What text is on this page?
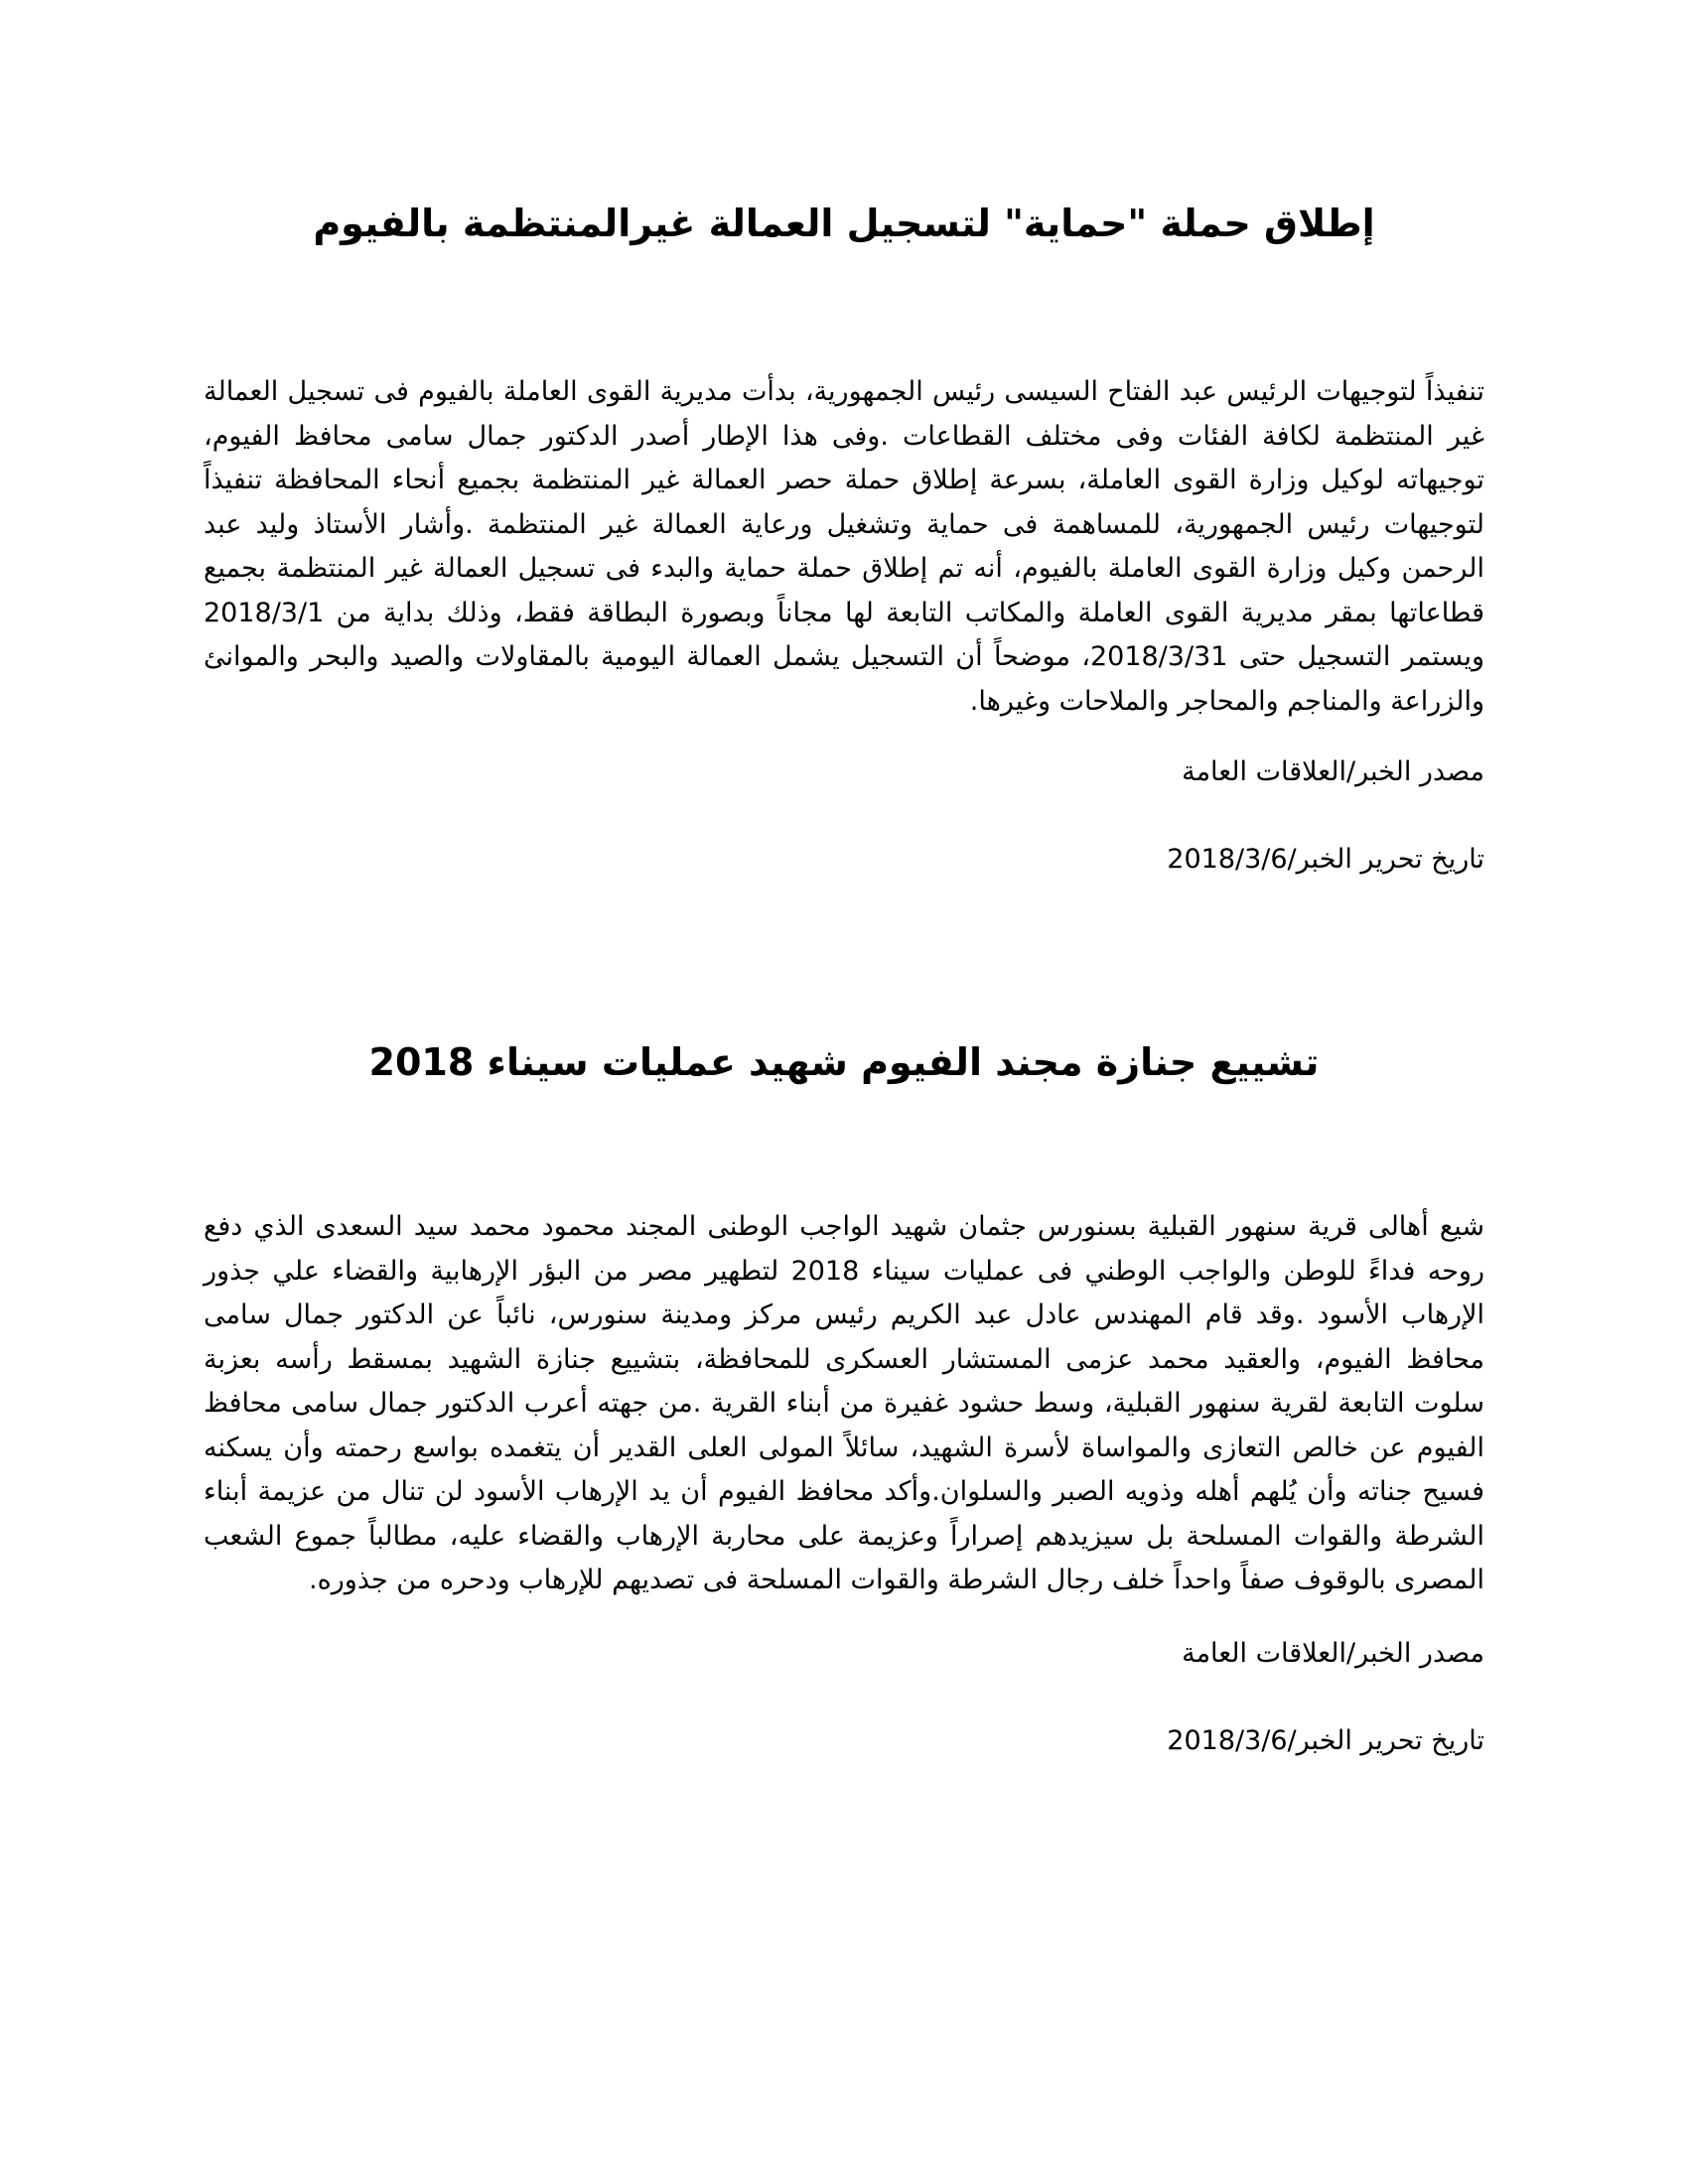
إطلاق حملة "حماية" لتسجيل العمالة غيرالمنتظمة بالفيوم

تنفيذاً لتوجيهات الرئيس عبد الفتاح السيسى رئيس الجمهورية، بدأت مديرية القوى العاملة بالفيوم فى تسجيل العمالة غير المنتظمة لكافة الفئات وفى مختلف القطاعات .وفى هذا الإطار أصدر الدكتور جمال سامى محافظ الفيوم، توجيهاته لوكيل وزارة القوى العاملة، بسرعة إطلاق حملة حصر العمالة غير المنتظمة بجميع أنحاء المحافظة تنفيذاً لتوجيهات رئيس الجمهورية، للمساهمة فى حماية وتشغيل ورعاية العمالة غير المنتظمة .وأشار الأستاذ وليد عبد الرحمن وكيل وزارة القوى العاملة بالفيوم، أنه تم إطلاق حملة حماية والبدء فى تسجيل العمالة غير المنتظمة بجميع قطاعاتها بمقر مديرية القوى العاملة والمكاتب التابعة لها مجاناً وبصورة البطاقة فقط، وذلك بداية من 2018/3/1 ويستمر التسجيل حتى 2018/3/31، موضحاً أن التسجيل يشمل العمالة اليومية بالمقاولات والصيد والبحر والموانئ والزراعة والمناجم والمحاجر والملاحات وغيرها.

مصدر الخبر/العلاقات العامة

تاريخ تحرير الخبر/2018/3/6

تشييع جنازة مجند الفيوم شهيد عمليات سيناء 2018

شيع أهالى قرية سنهور القبلية بسنورس جثمان شهيد الواجب الوطنى المجند محمود محمد سيد السعدى الذي دفع روحه فداءً للوطن والواجب الوطني فى عمليات سيناء 2018 لتطهير مصر من البؤر الإرهابية والقضاء علي جذور الإرهاب الأسود .وقد قام المهندس عادل عبد الكريم رئيس مركز ومدينة سنورس، نائباً عن الدكتور جمال سامى محافظ الفيوم، والعقيد محمد عزمى المستشار العسكرى للمحافظة، بتشييع جنازة الشهيد بمسقط رأسه بعزبة سلوت التابعة لقرية سنهور القبلية، وسط حشود غفيرة من أبناء القرية .من جهته أعرب الدكتور جمال سامى محافظ الفيوم عن خالص التعازى والمواساة لأسرة الشهيد، سائلاً المولى العلى القدير أن يتغمده بواسع رحمته وأن يسكنه فسيح جناته وأن يُلهم أهله وذويه الصبر والسلوان.وأكد محافظ الفيوم أن يد الإرهاب الأسود لن تنال من عزيمة أبناء الشرطة والقوات المسلحة بل سيزيدهم إصراراً وعزيمة على محاربة الإرهاب والقضاء عليه، مطالباً جموع الشعب المصرى بالوقوف صفاً واحداً خلف رجال الشرطة والقوات المسلحة فى تصديهم للإرهاب ودحره من جذوره.

مصدر الخبر/العلاقات العامة

تاريخ تحرير الخبر/2018/3/6
